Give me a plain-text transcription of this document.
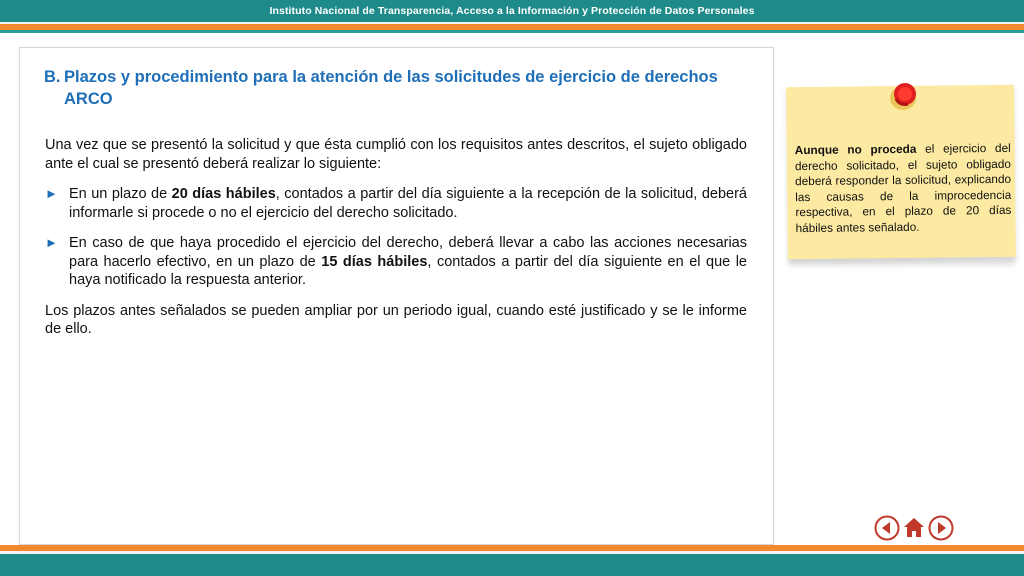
Instituto Nacional de Transparencia, Acceso a la Información y Protección de Datos Personales
B. Plazos y procedimiento para la atención de las solicitudes de ejercicio de derechos ARCO

Una vez que se presentó la solicitud y que ésta cumplió con los requisitos antes descritos, el sujeto obligado ante el cual se presentó deberá realizar lo siguiente:

► En un plazo de 20 días hábiles, contados a partir del día siguiente a la recepción de la solicitud, deberá informarle si procede o no el ejercicio del derecho solicitado.
► En caso de que haya procedido el ejercicio del derecho, deberá llevar a cabo las acciones necesarias para hacerlo efectivo, en un plazo de 15 días hábiles, contados a partir del día siguiente en el que le haya notificado la respuesta anterior.

Los plazos antes señalados se pueden ampliar por un periodo igual, cuando esté justificado y se le informe de ello.

Aunque no proceda el ejercicio del derecho solicitado, el sujeto obligado deberá responder la solicitud, explicando las causas de la improcedencia respectiva, en el plazo de 20 días hábiles antes señalado.
